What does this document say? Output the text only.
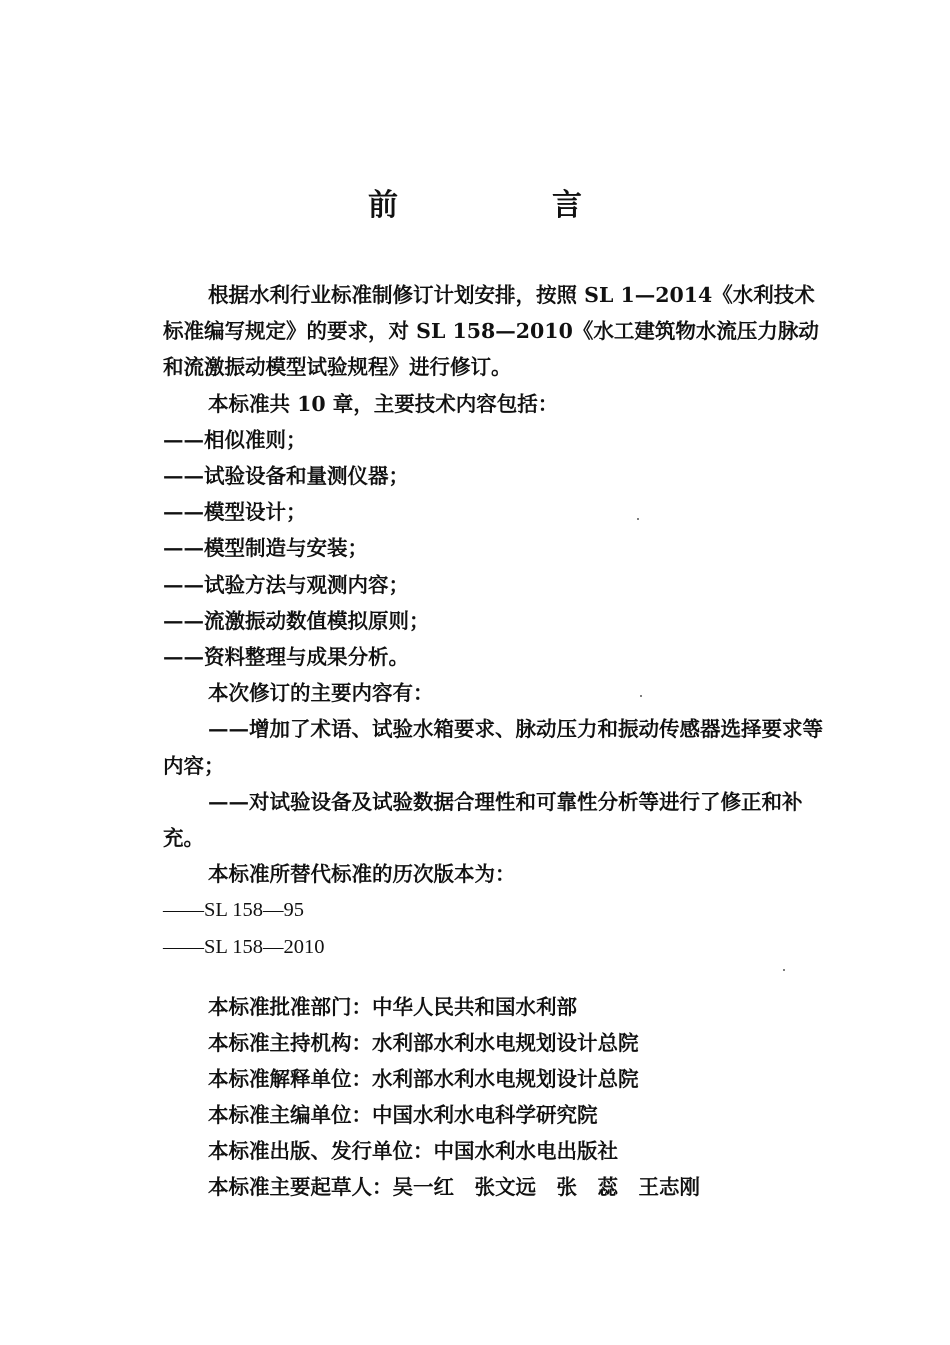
前　言

根据水利行业标准制修订计划安排，按照 SL 1—2014《水利技术标准编写规定》的要求，对 SL 158—2010《水工建筑物水流压力脉动和流激振动模型试验规程》进行修订。

本标准共 10 章，主要技术内容包括：

——相似准则；

——试验设备和量测仪器；

——模型设计；

——模型制造与安装；

——试验方法与观测内容；

——流激振动数值模拟原则；

——资料整理与成果分析。

本次修订的主要内容有：

——增加了术语、试验水箱要求、脉动压力和振动传感器选择要求等内容；

——对试验设备及试验数据合理性和可靠性分析等进行了修正和补充。

本标准所替代标准的历次版本为：

——SL 158—95

——SL 158—2010

本标准批准部门：中华人民共和国水利部

本标准主持机构：水利部水利水电规划设计总院

本标准解释单位：水利部水利水电规划设计总院

本标准主编单位：中国水利水电科学研究院

本标准出版、发行单位：中国水利水电出版社

本标准主要起草人：吴一红　张文远　张　蕊　王志刚
